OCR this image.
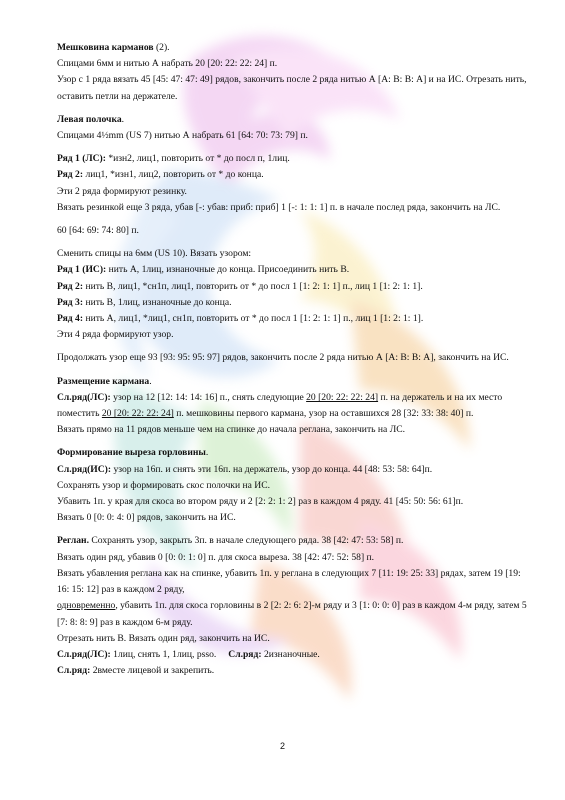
Мешковина карманов (2).

Спицами 6мм и нитью А набрать 20 [20: 22: 22: 24] п.

Узор с 1 ряда вязать 45 [45: 47: 47: 49] рядов, закончить после 2 ряда нитью А [А: В: В: А] и на ИС. Отрезать нить, оставить петли на держателе.

Левая полочка.

Спицами 4½mm (US 7) нитью А набрать 61 [64: 70: 73: 79] п.

Ряд 1 (ЛС): *изн2, лиц1, повторить от * до посл п, 1лиц.

Ряд 2: лиц1, *изн1, лиц2, повторить от * до конца.

Эти 2 ряда формируют резинку.

Вязать резинкой еще 3 ряда, убав [-: убав: приб: приб] 1 [-: 1: 1: 1] п. в начале послед ряда, закончить на ЛС.

60 [64: 69: 74: 80] п.

Сменить спицы на 6мм (US 10). Вязать узором:

Ряд 1 (ИС): нить А, 1лиц, изнаночные до конца. Присоединить нить В.

Ряд 2: нить В, лиц1, *сн1п, лиц1, повторить от * до посл 1 [1: 2: 1: 1] п., лиц 1 [1: 2: 1: 1].

Ряд 3: нить В, 1лиц, изнаночные до конца.

Ряд 4: нить А, лиц1, *лиц1, сн1п, повторить от * до посл 1 [1: 2: 1: 1] п., лиц 1 [1: 2: 1: 1].

Эти 4 ряда формируют узор.

Продолжать узор еще 93 [93: 95: 95: 97] рядов, закончить после 2 ряда нитью А [А: В: В: А], закончить на ИС.

Размещение кармана.

Сл.ряд(ЛС): узор на 12 [12: 14: 14: 16] п., снять следующие 20 [20: 22: 22: 24] п. на держатель и на их место поместить 20 [20: 22: 22: 24] п. мешковины первого кармана, узор на оставшихся 28 [32: 33: 38: 40] п.

Вязать прямо на 11 рядов меньше чем на спинке до начала реглана, закончить на ЛС.

Формирование выреза горловины.

Сл.ряд(ИС): узор на 16п. и снять эти 16п. на держатель, узор до конца. 44 [48: 53: 58: 64]п.

Сохранять узор и формировать скос полочки на ИС.

Убавить 1п. у края для скоса во втором ряду и 2 [2: 2: 1: 2] раз в каждом 4 ряду. 41 [45: 50: 56: 61]п.

Вязать 0 [0: 0: 4: 0] рядов, закончить на ИС.

Реглан. Сохранять узор, закрыть 3п. в начале следующего ряда. 38 [42: 47: 53: 58] п.

Вязать один ряд, убавив 0 [0: 0: 1: 0] п. для скоса выреза. 38 [42: 47: 52: 58] п.

Вязать убавления реглана как на спинке, убавить 1п. у реглана в следующих 7 [11: 19: 25: 33] рядах, затем 19 [19: 16: 15: 12] раз в каждом 2 ряду,

одновременно, убавить 1п. для скоса горловины в 2 [2: 2: 6: 2]-м ряду и 3 [1: 0: 0: 0] раз в каждом 4-м ряду, затем 5 [7: 8: 8: 9] раз в каждом 6-м ряду.

Отрезать нить В. Вязать один ряд, закончить на ИС.

Сл.ряд(ЛС): 1лиц, снять 1, 1лиц, psso.     Сл.ряд: 2изнаночные.

Сл.ряд: 2вместе лицевой и закрепить.

2
